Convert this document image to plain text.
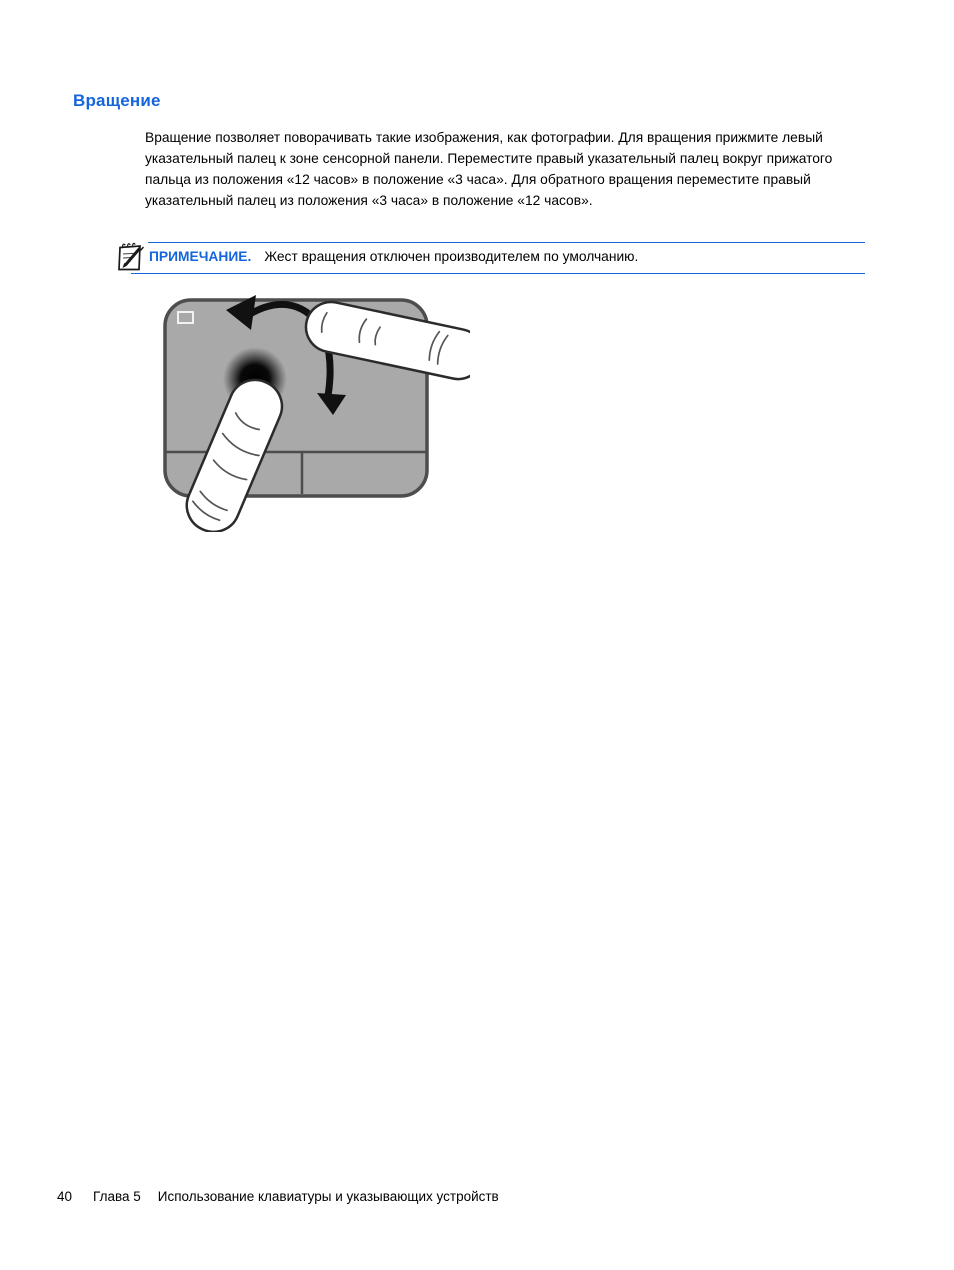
Вращение

Вращение позволяет поворачивать такие изображения, как фотографии. Для вращения прижмите левый указательный палец к зоне сенсорной панели. Переместите правый указательный палец вокруг прижатого пальца из положения «12 часов» в положение «3 часа». Для обратного вращения переместите правый указательный палец из положения «3 часа» в положение «12 часов».

ПРИМЕЧАНИЕ. Жест вращения отключен производителем по умолчанию.
40 Глава 5 Использование клавиатуры и указывающих устройств
